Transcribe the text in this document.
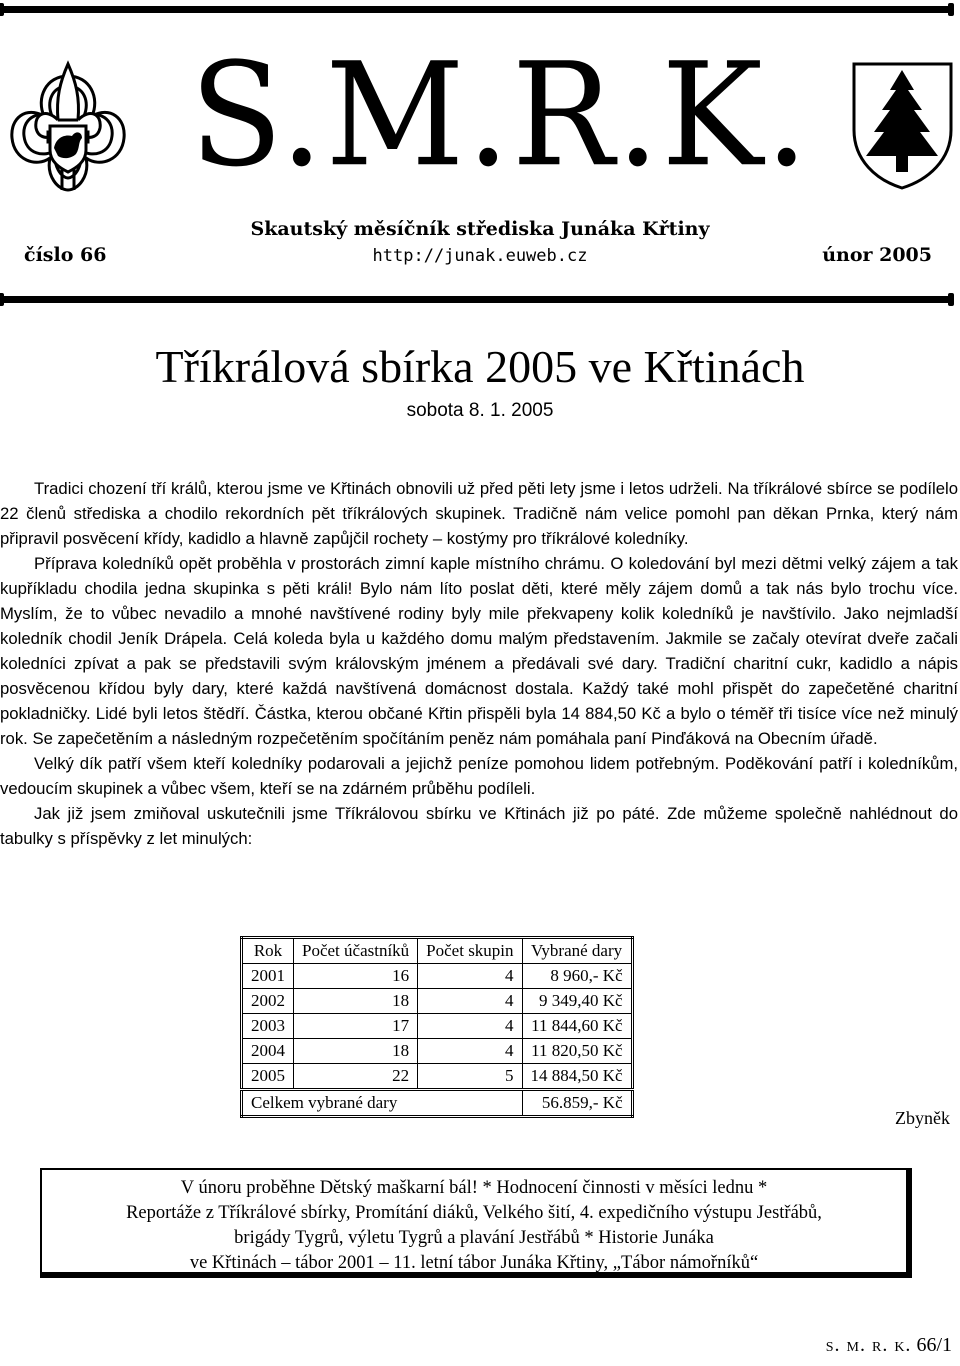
S.M.R.K.
Skautský měsíčník střediska Junáka Křtiny
číslo 66	http://junak.euweb.cz	únor 2005
Tříkrálová sbírka 2005 ve Křtinách
sobota 8. 1. 2005

Tradici chození tří králů, kterou jsme ve Křtinách obnovili už před pěti lety jsme i letos udrželi. Na tříkrálové sbírce se podílelo 22 členů střediska a chodilo rekordních pět tříkrálových skupinek. Tradičně nám velice pomohl pan děkan Prnka, který nám připravil posvěcení křídy, kadidlo a hlavně zapůjčil rochety – kostýmy pro tříkrálové koledníky.

Příprava koledníků opět proběhla v prostorách zimní kaple místního chrámu. O koledování byl mezi dětmi velký zájem a tak kupříkladu chodila jedna skupinka s pěti králi! Bylo nám líto poslat děti, které měly zájem domů a tak nás bylo trochu více. Myslím, že to vůbec nevadilo a mnohé navštívené rodiny byly mile překvapeny kolik koledníků je navštívilo. Jako nejmladší koledník chodil Jeník Drápela. Celá koleda byla u každého domu malým představením. Jakmile se začaly otevírat dveře začali koledníci zpívat a pak se představili svým královským jménem a předávali své dary. Tradiční charitní cukr, kadidlo a nápis posvěcenou křídou byly dary, které každá navštívená domácnost dostala. Každý také mohl přispět do zapečetěné charitní pokladničky. Lidé byli letos štědří. Částka, kterou občané Křtin přispěli byla 14 884,50 Kč a bylo o téměř tři tisíce více než minulý rok. Se zapečetěním a následným rozpečetěním spočítáním peněz nám pomáhala paní Pinďáková na Obecním úřadě.

Velký dík patří všem kteří koledníky podarovali a jejichž peníze pomohou lidem potřebným. Poděkování patří i koledníkům, vedoucím skupinek a vůbec všem, kteří se na zdárném průběhu podíleli.

Jak již jsem zmiňoval uskutečnili jsme Tříkrálovou sbírku ve Křtinách již po páté. Zde můžeme společně nahlédnout do tabulky s příspěvky z let minulých:

Rok	Počet účastníků	Počet skupin	Vybrané dary
2001	16	4	8 960,- Kč
2002	18	4	9 349,40 Kč
2003	17	4	11 844,60 Kč
2004	18	4	11 820,50 Kč
2005	22	5	14 884,50 Kč
Celkem vybrané dary			56.859,- Kč
Zbyněk
V únoru proběhne Dětský maškarní bál! * Hodnocení činnosti v měsíci lednu *
Reportáže z Tříkrálové sbírky, Promítání diáků, Velkého šití, 4. expedičního výstupu Jestřábů,
brigády Tygrů, výletu Tygrů a plavání Jestřábů * Historie Junáka
ve Křtinách – tábor 2001 – 11. letní tábor Junáka Křtiny, „Tábor námořníků“
s. m. r. k. 66/1
